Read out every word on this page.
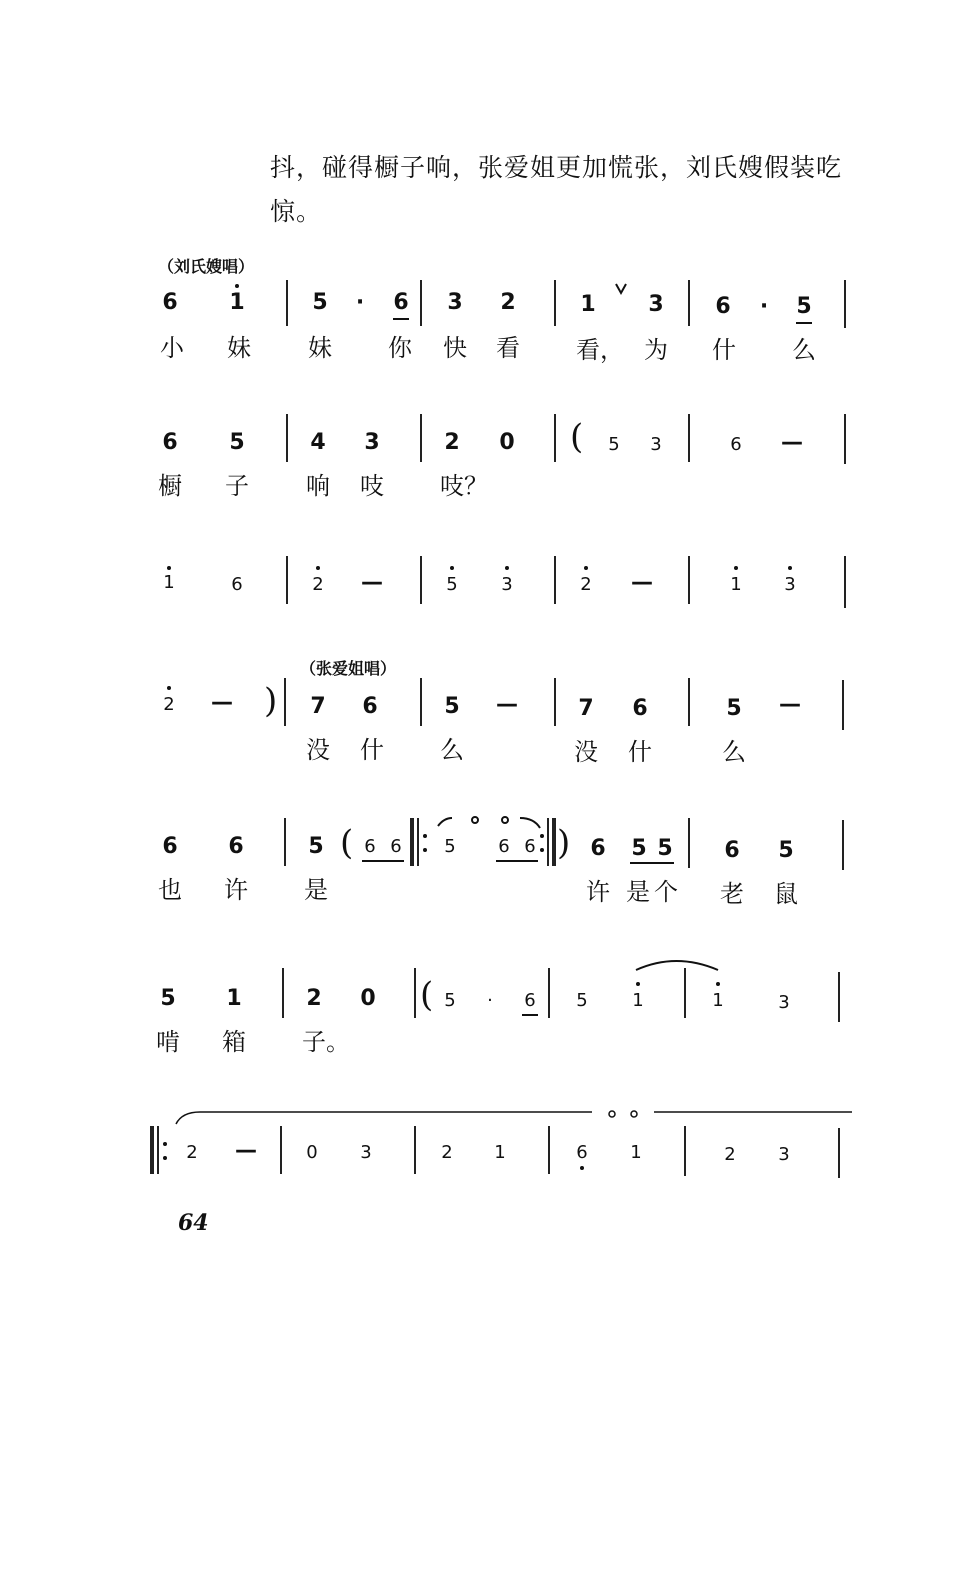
抖，碰得橱子响，张爱姐更加慌张，刘氏嫂假装吃
惊。
（刘氏嫂唱）
（张爱姐唱）
6 1	5 · 6 3 2	1 3 6 · 5
小 妹 妹 你 快 看 看， 为 什 么
6 5	4 3	2 0 ( 5 3	6 —
橱 子 响 吱 吱？
1	6	2 —	5 3	2 —	1 3
2 — ) 7 6	5 —	7 6	5 —
没 什 么	没 什	么
6 6	5 ( 6 6 5 6 6 ) 6 5 5 6 5
也 许 是	许 是 个 老 鼠
5 1	2 0 ( 5 · 6 5 1	1	3
啃 箱 子。
2 —	0 3	2 1	6 1	2 3
64
